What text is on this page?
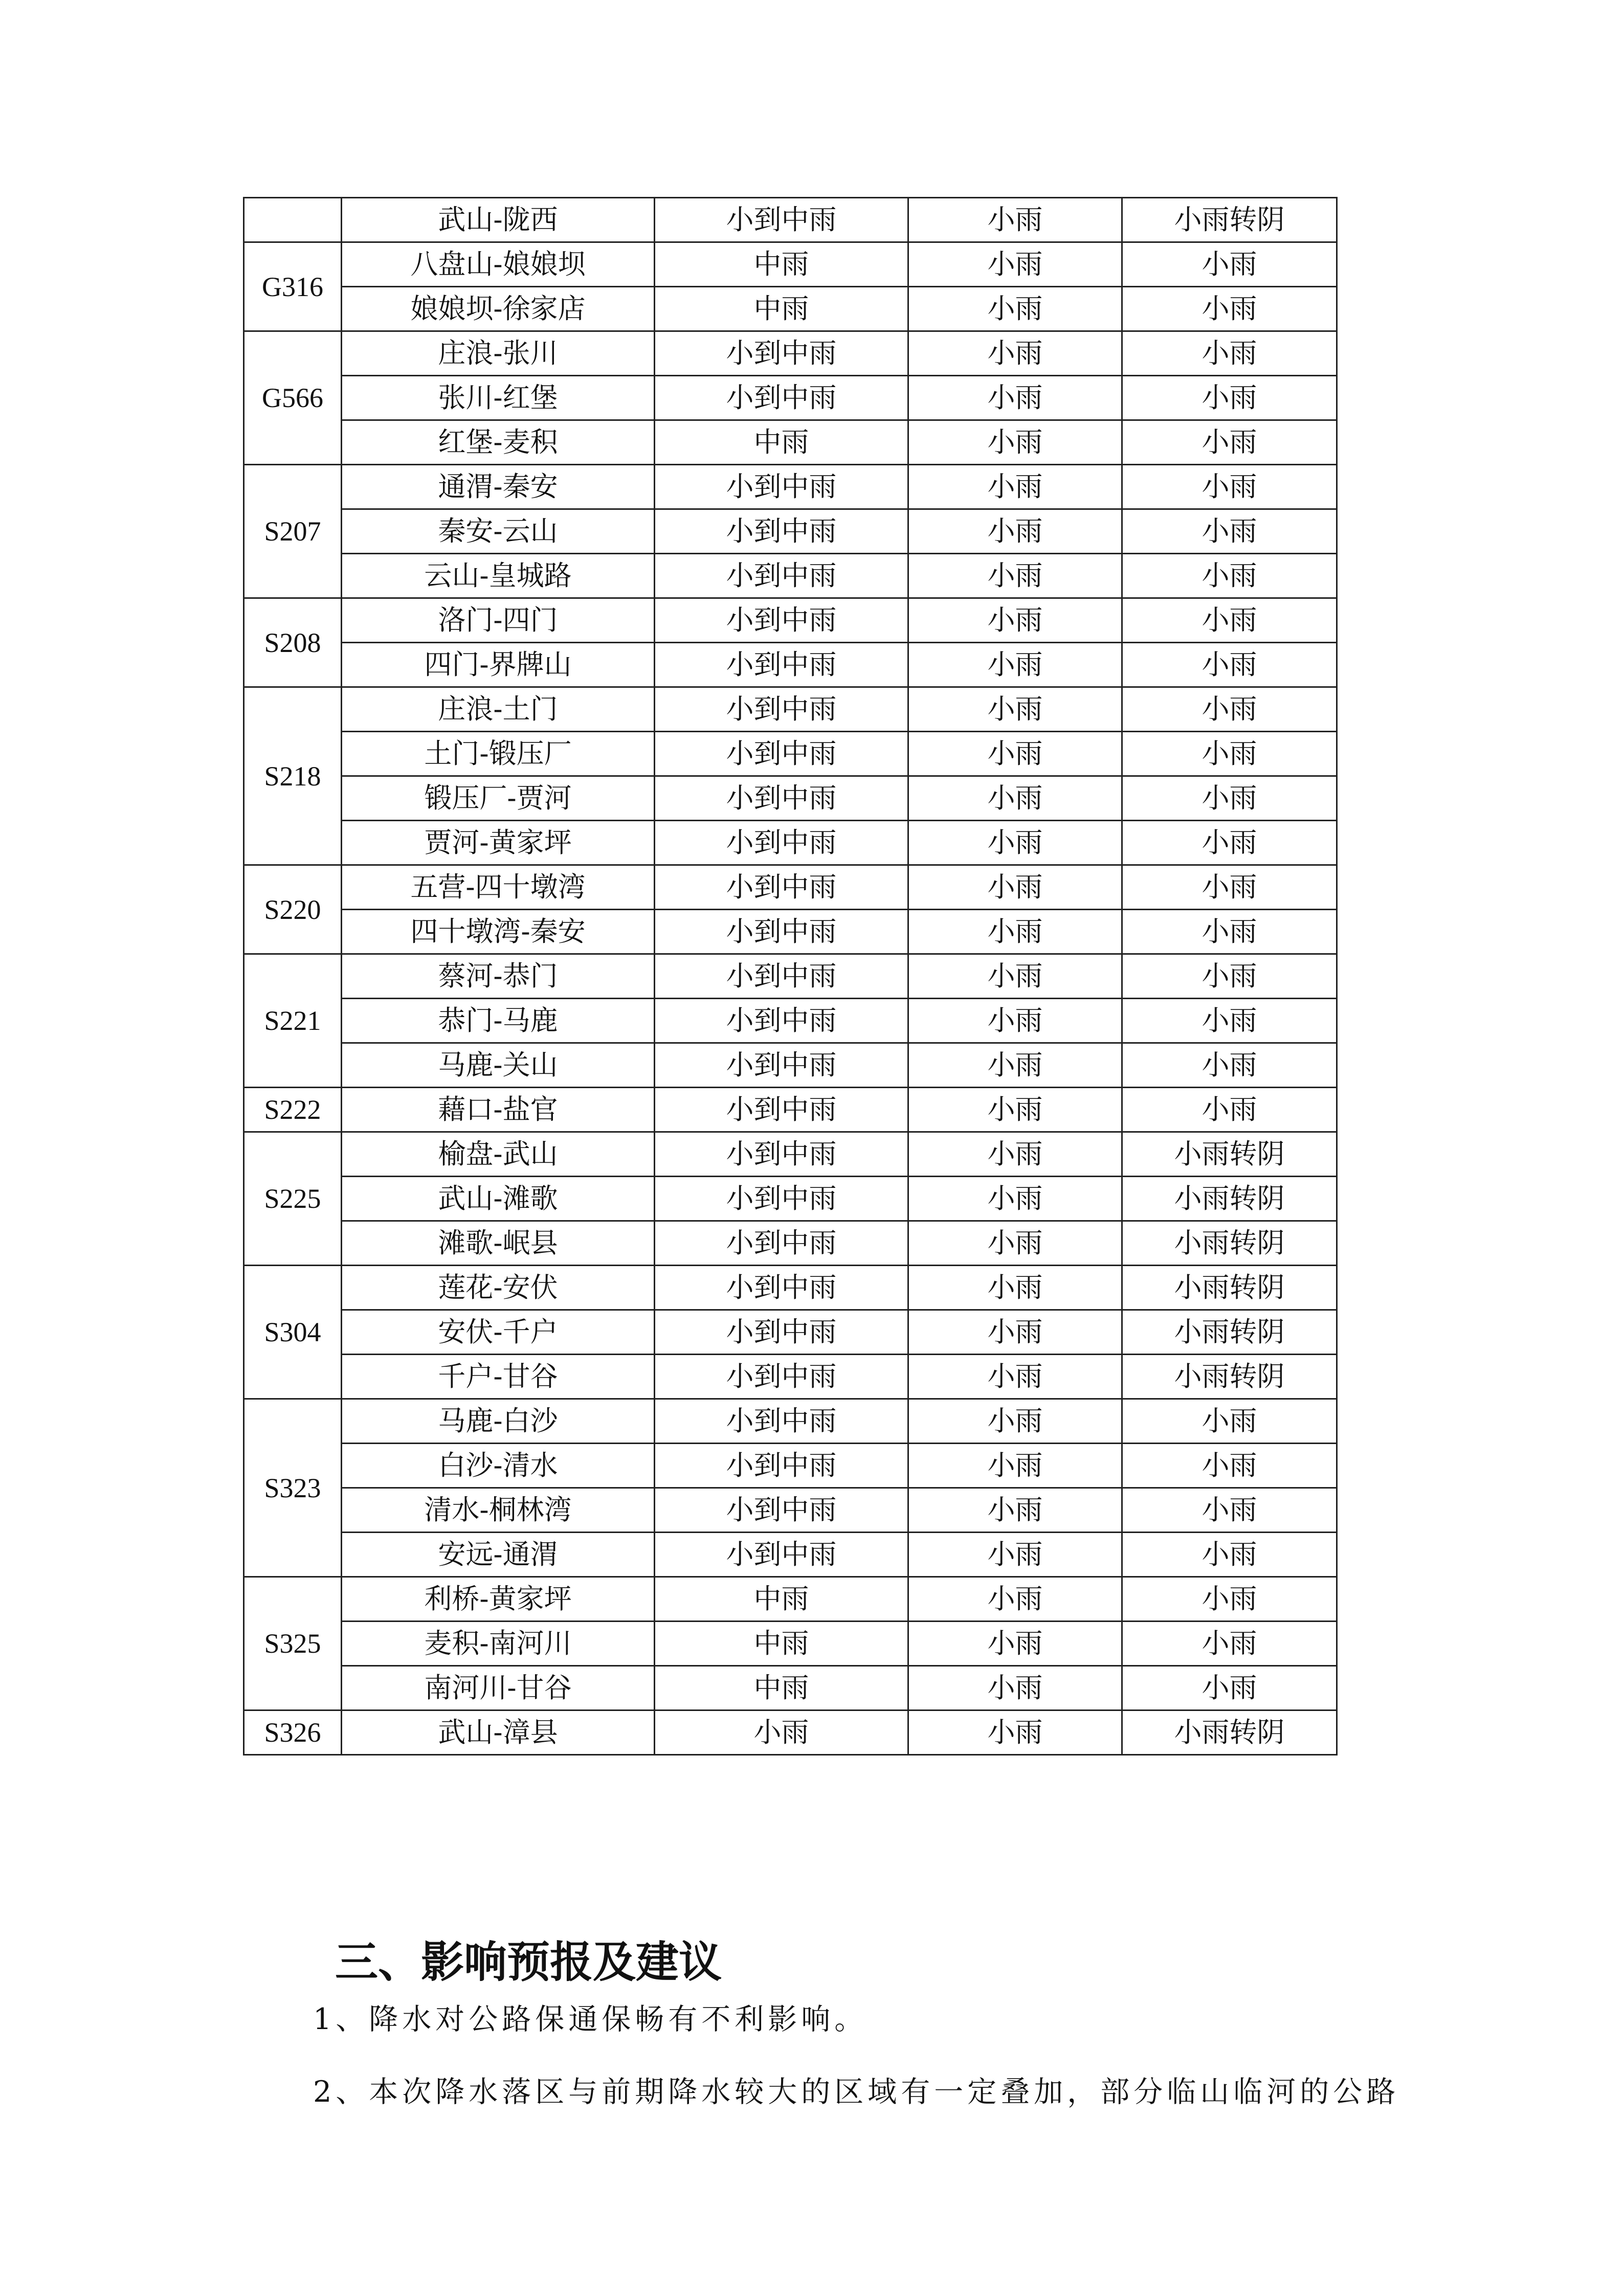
	武山-陇西	小到中雨	小雨	小雨转阴
G316	八盘山-娘娘坝	中雨	小雨	小雨
	娘娘坝-徐家店	中雨	小雨	小雨
G566	庄浪-张川	小到中雨	小雨	小雨
	张川-红堡	小到中雨	小雨	小雨
	红堡-麦积	中雨	小雨	小雨
S207	通渭-秦安	小到中雨	小雨	小雨
	秦安-云山	小到中雨	小雨	小雨
	云山-皇城路	小到中雨	小雨	小雨
S208	洛门-四门	小到中雨	小雨	小雨
	四门-界牌山	小到中雨	小雨	小雨
S218	庄浪-土门	小到中雨	小雨	小雨
	土门-锻压厂	小到中雨	小雨	小雨
	锻压厂-贾河	小到中雨	小雨	小雨
	贾河-黄家坪	小到中雨	小雨	小雨
S220	五营-四十墩湾	小到中雨	小雨	小雨
	四十墩湾-秦安	小到中雨	小雨	小雨
S221	蔡河-恭门	小到中雨	小雨	小雨
	恭门-马鹿	小到中雨	小雨	小雨
	马鹿-关山	小到中雨	小雨	小雨
S222	藉口-盐官	小到中雨	小雨	小雨
S225	榆盘-武山	小到中雨	小雨	小雨转阴
	武山-滩歌	小到中雨	小雨	小雨转阴
	滩歌-岷县	小到中雨	小雨	小雨转阴
S304	莲花-安伏	小到中雨	小雨	小雨转阴
	安伏-千户	小到中雨	小雨	小雨转阴
	千户-甘谷	小到中雨	小雨	小雨转阴
S323	马鹿-白沙	小到中雨	小雨	小雨
	白沙-清水	小到中雨	小雨	小雨
	清水-桐林湾	小到中雨	小雨	小雨
	安远-通渭	小到中雨	小雨	小雨
S325	利桥-黄家坪	中雨	小雨	小雨
	麦积-南河川	中雨	小雨	小雨
	南河川-甘谷	中雨	小雨	小雨
S326	武山-漳县	小雨	小雨	小雨转阴
三、影响预报及建议

1、降水对公路保通保畅有不利影响。

2、本次降水落区与前期降水较大的区域有一定叠加，部分临山临河的公路
